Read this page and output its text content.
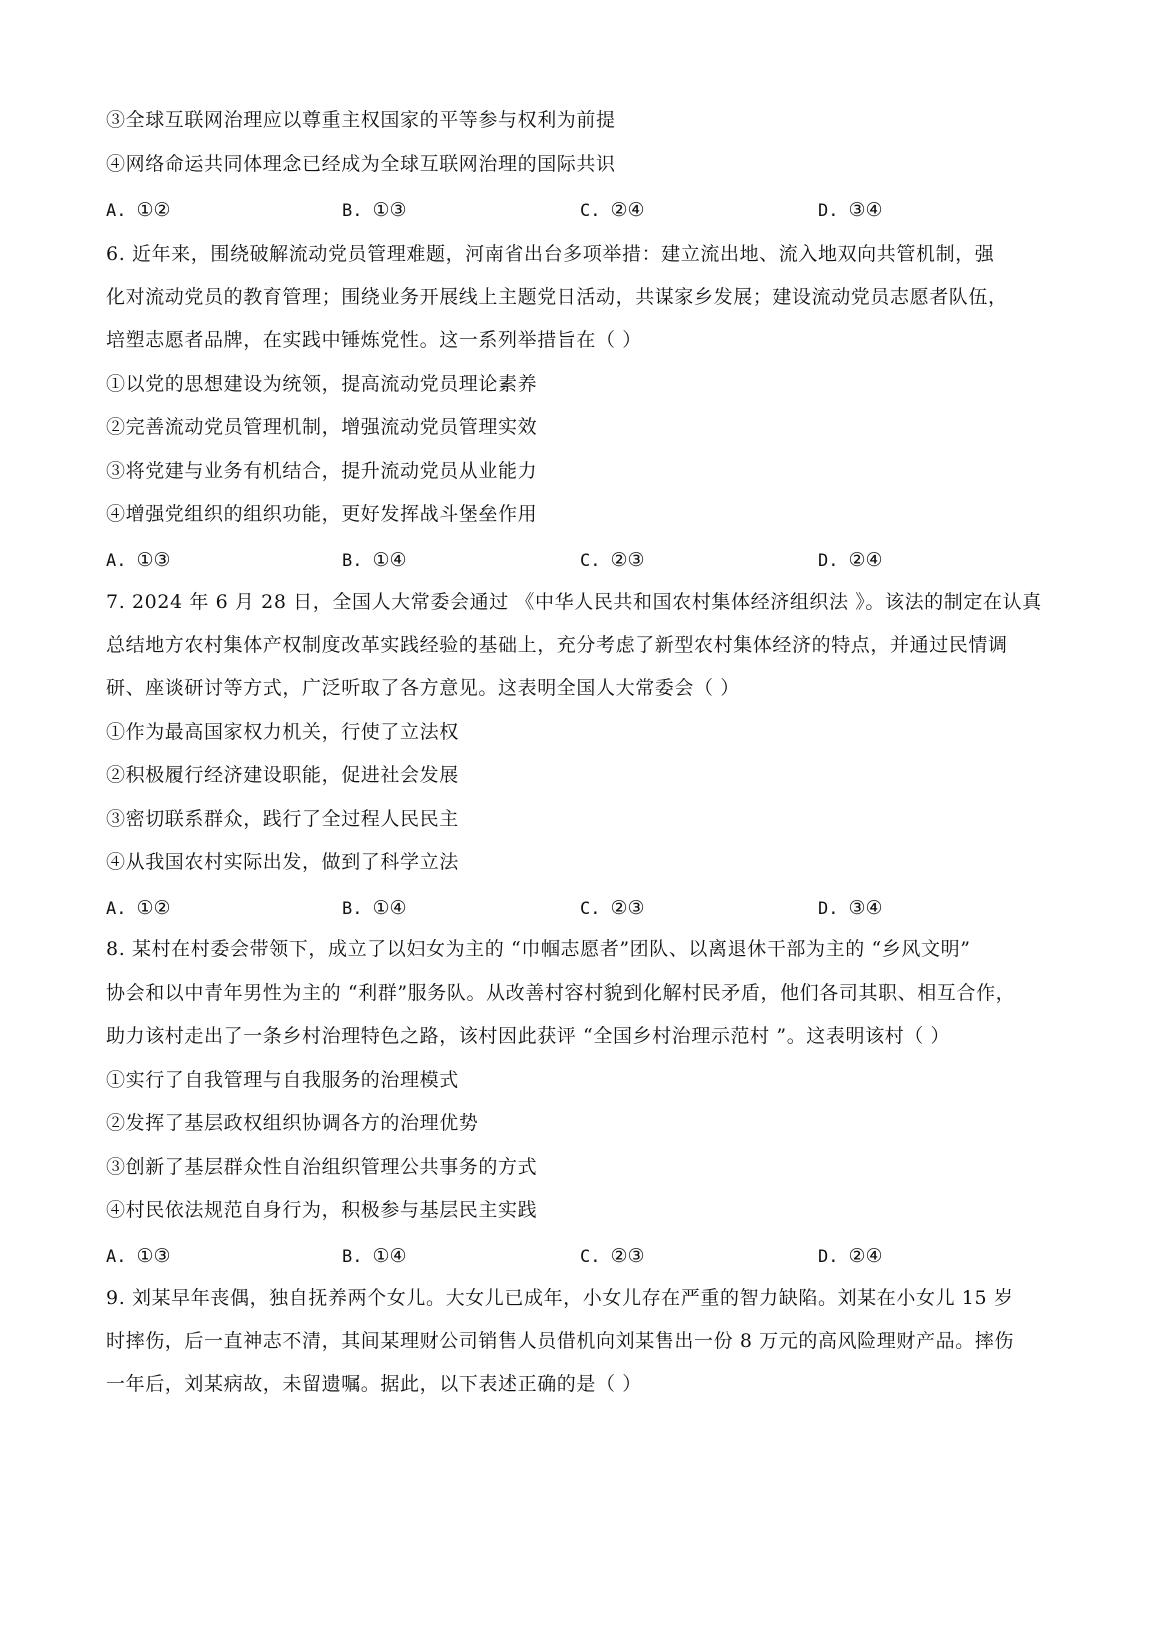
③全球互联网治理应以尊重主权国家的平等参与权利为前提
④网络命运共同体理念已经成为全球互联网治理的国际共识
A. ①②	B. ①③	C. ②④	D. ③④
6. 近年来，围绕破解流动党员管理难题，河南省出台多项举措：建立流出地、流入地双向共管机制，强
化对流动党员的教育管理；围绕业务开展线上主题党日活动，共谋家乡发展；建设流动党员志愿者队伍，
培塑志愿者品牌，在实践中锤炼党性。这一系列举措旨在（ ）
①以党的思想建设为统领，提高流动党员理论素养
②完善流动党员管理机制，增强流动党员管理实效
③将党建与业务有机结合，提升流动党员从业能力
④增强党组织的组织功能，更好发挥战斗堡垒作用
A. ①③	B. ①④	C. ②③	D. ②④
7. 2024 年 6 月 28 日，全国人大常委会通过 《中华人民共和国农村集体经济组织法 》。该法的制定在认真
总结地方农村集体产权制度改革实践经验的基础上，充分考虑了新型农村集体经济的特点，并通过民情调
研、座谈研讨等方式，广泛听取了各方意见。这表明全国人大常委会（ ）
①作为最高国家权力机关，行使了立法权
②积极履行经济建设职能，促进社会发展
③密切联系群众，践行了全过程人民民主
④从我国农村实际出发，做到了科学立法
A. ①②	B. ①④	C. ②③	D. ③④
8. 某村在村委会带领下，成立了以妇女为主的 “巾帼志愿者”团队、以离退休干部为主的 “乡风文明”
协会和以中青年男性为主的 “利群”服务队。从改善村容村貌到化解村民矛盾，他们各司其职、相互合作，
助力该村走出了一条乡村治理特色之路，该村因此获评 “全国乡村治理示范村 ”。这表明该村（ ）
①实行了自我管理与自我服务的治理模式
②发挥了基层政权组织协调各方的治理优势
③创新了基层群众性自治组织管理公共事务的方式
④村民依法规范自身行为，积极参与基层民主实践
A. ①③	B. ①④	C. ②③	D. ②④
9. 刘某早年丧偶，独自抚养两个女儿。大女儿已成年，小女儿存在严重的智力缺陷。刘某在小女儿 15 岁
时摔伤，后一直神志不清，其间某理财公司销售人员借机向刘某售出一份 8 万元的高风险理财产品。摔伤
一年后，刘某病故，未留遗嘱。据此，以下表述正确的是（ ）
